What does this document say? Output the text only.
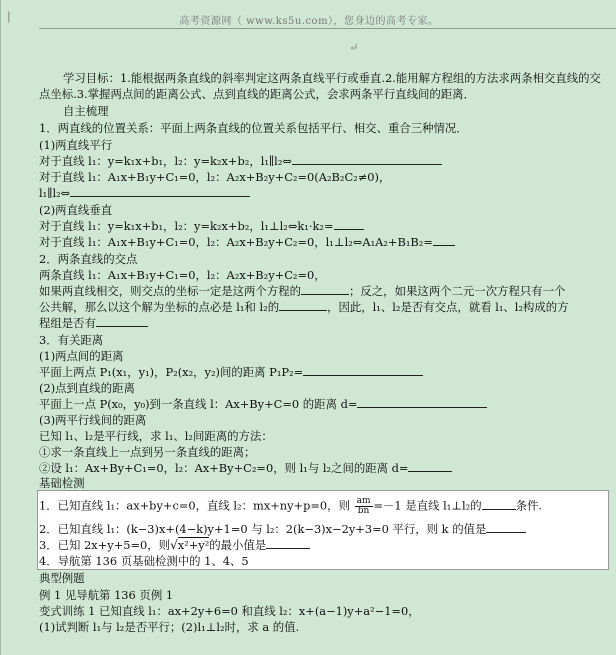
|	高考资源网（ www.ks5u.com），您身边的高考专家。
↵
学习目标：1.能根据两条直线的斜率判定这两条直线平行或垂直.2.能用解方程组的方法求两条相交直线的交点坐标.3.掌握两点间的距离公式、点到直线的距离公式，会求两条平行直线间的距离．
自主梳理
1．两直线的位置关系：平面上两条直线的位置关系包括平行、相交、重合三种情况．
(1)两直线平行
对于直线 l₁：y=k₁x+b₁，l₂：y=k₂x+b₂，l₁∥l₂⇔
对于直线 l₁：A₁x+B₁y+C₁=0，l₂：A₂x+B₂y+C₂=0(A₂B₂C₂≠0)，
l₁∥l₂⇔
(2)两直线垂直
对于直线 l₁：y=k₁x+b₁，l₂：y=k₂x+b₂，l₁⊥l₂⇔k₁·k₂=
对于直线 l₁：A₁x+B₁y+C₁=0，l₂：A₂x+B₂y+C₂=0，l₁⊥l₂⇔A₁A₂+B₁B₂=
2．两条直线的交点
两条直线 l₁：A₁x+B₁y+C₁=0，l₂：A₂x+B₂y+C₂=0，
如果两直线相交，则交点的坐标一定是这两个方程的	；反之，如果这两个二元一次方程只有一个
公共解，那么以这个解为坐标的点必是 l₁和 l₂的	，因此，l₁、l₂是否有交点，就看 l₁、l₂构成的方
程组是否有
3．有关距离
(1)两点间的距离
平面上两点 P₁(x₁，y₁)，P₂(x₂，y₂)间的距离 P₁P₂=
(2)点到直线的距离
平面上一点 P(x₀，y₀)到一条直线 l：Ax+By+C=0 的距离 d=
(3)两平行线间的距离
已知 l₁、l₂是平行线，求 l₁、l₂间距离的方法：
①求一条直线上一点到另一条直线的距离；
②设 l₁：Ax+By+C₁=0，l₂：Ax+By+C₂=0，则 l₁与 l₂之间的距离 d=
基础检测
1．已知直线 l₁：ax+by+c=0，直线 l₂：mx+ny+p=0，则 $\frac{am}{bn} =-1$ 是直线 l₁⊥l₂的	条件.
2．已知直线 l₁：(k−3)x+(4−k)y+1=0 与 l₂：2(k−3)x−2y+3=0 平行，则 k 的值是
3．已知 2x+y+5=0，则√x²+y²的最小值是
4．导航第 136 页基础检测中的 1、4、5
典型例题
例 1 见导航第 136 页例 1
变式训练 1 已知直线 l₁：ax+2y+6=0 和直线 l₂：x+(a−1)y+a²−1=0，
(1)试判断 l₁与 l₂是否平行；(2)l₁⊥l₂时，求 a 的值.
